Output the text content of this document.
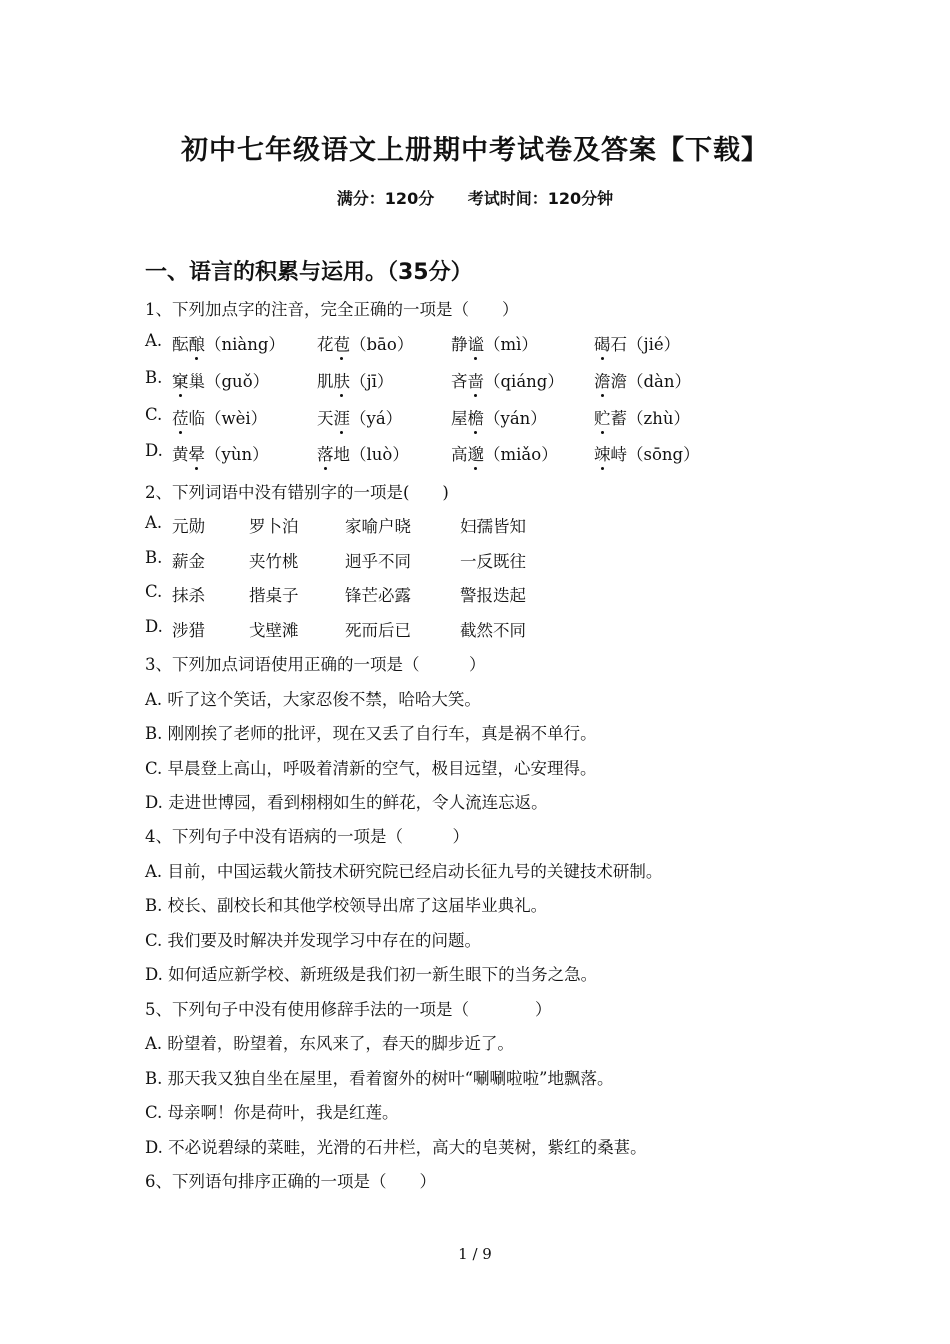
初中七年级语文上册期中考试卷及答案【下载】
满分：120分 考试时间：120分钟
一、语言的积累与运用。（35分）
1、下列加点字的注音，完全正确的一项是（　　）
A. 酝酿（niàng） 花苞（bāo） 静谧（mì）	碣石（jié）
B. 窠巢（guǒ）	肌肤（jī）	吝啬（qiáng） 澹澹（dàn）
C. 莅临（wèi）	天涯（yá）	屋檐（yán）	贮蓄（zhù）
D. 黄晕（yùn）	落地（luò）	高邈（miǎo） 竦峙（sōng）
2、下列词语中没有错别字的一项是(　　)
A. 元勋	罗卜泊	家喻户晓	妇孺皆知
B. 薪金	夹竹桃	迥乎不同	一反既往
C. 抹杀	揩桌子	锋芒必露	警报迭起
D. 涉猎	戈壁滩	死而后已	截然不同
3、下列加点词语使用正确的一项是（　　　）
A. 听了这个笑话，大家忍俊不禁，哈哈大笑。
B. 刚刚挨了老师的批评，现在又丢了自行车，真是祸不单行。
C. 早晨登上高山，呼吸着清新的空气，极目远望，心安理得。
D. 走进世博园，看到栩栩如生的鲜花，令人流连忘返。
4、下列句子中没有语病的一项是（　　　）
A. 目前，中国运载火箭技术研究院已经启动长征九号的关键技术研制。
B. 校长、副校长和其他学校领导出席了这届毕业典礼。
C. 我们要及时解决并发现学习中存在的问题。
D. 如何适应新学校、新班级是我们初一新生眼下的当务之急。
5、下列句子中没有使用修辞手法的一项是（　　　　）
A. 盼望着，盼望着，东风来了，春天的脚步近了。
B. 那天我又独自坐在屋里，看着窗外的树叶“唰唰啦啦”地飘落。
C. 母亲啊！你是荷叶，我是红莲。
D. 不必说碧绿的菜畦，光滑的石井栏，高大的皂荚树，紫红的桑葚。
6、下列语句排序正确的一项是（　　）
1 / 9
